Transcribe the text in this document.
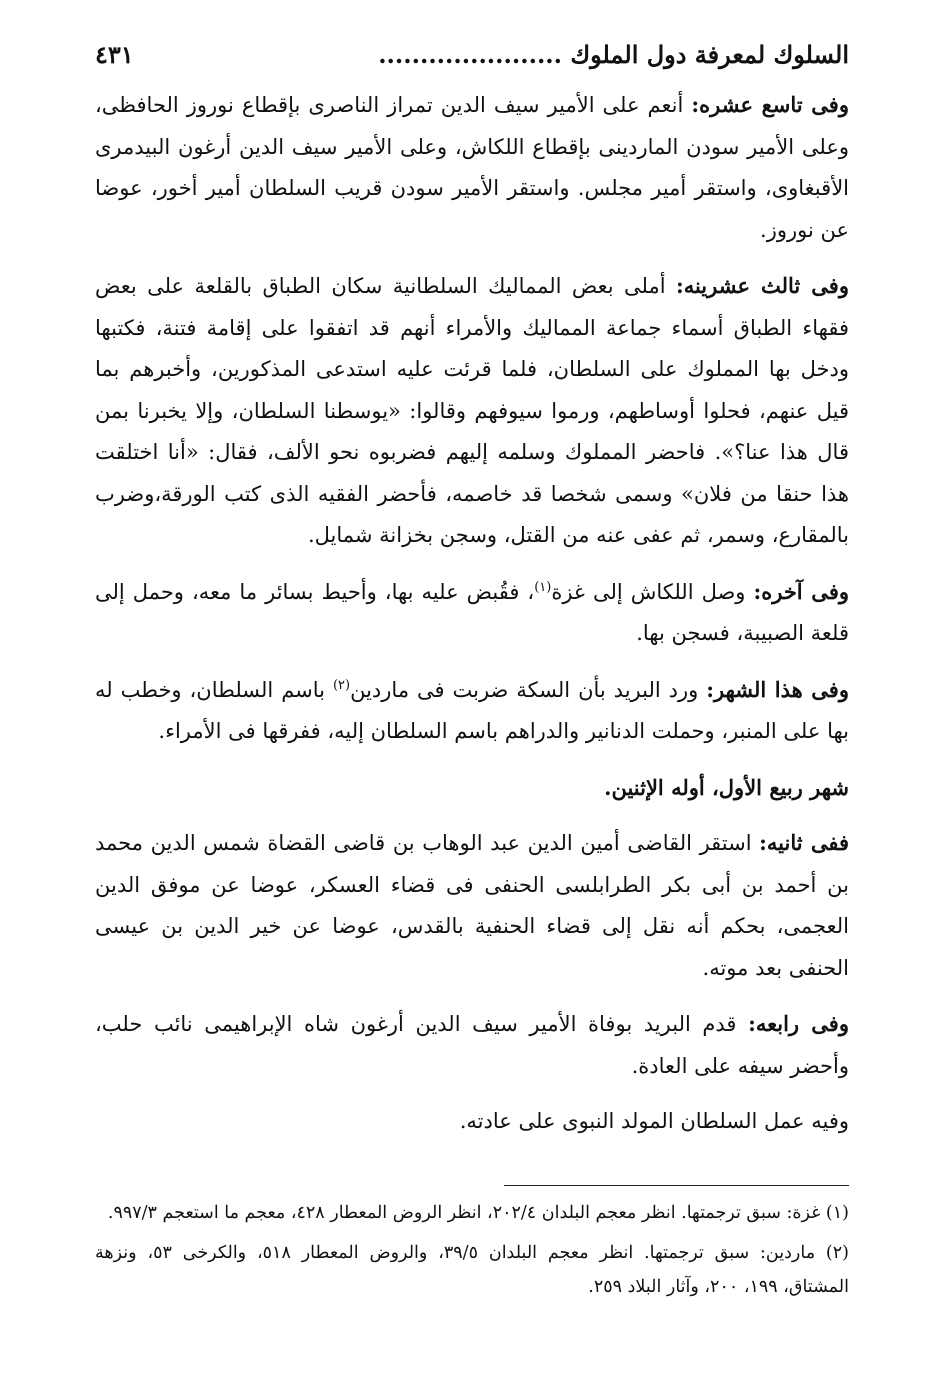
السلوك لمعرفة دول الملوك ......................
٤٣١

وفى تاسع عشره: أنعم على الأمير سيف الدين تمراز الناصرى بإقطاع نوروز الحافظى، وعلى الأمير سودن الماردينى بإقطاع اللكاش، وعلى الأمير سيف الدين أرغون البيدمرى الأقبغاوى، واستقر أمير مجلس. واستقر الأمير سودن قريب السلطان أمير أخور، عوضا عن نوروز.

وفى ثالث عشرينه: أملى بعض المماليك السلطانية سكان الطباق بالقلعة على بعض فقهاء الطباق أسماء جماعة المماليك والأمراء أنهم قد اتفقوا على إقامة فتنة، فكتبها ودخل بها المملوك على السلطان، فلما قرئت عليه استدعى المذكورين، وأخبرهم بما قيل عنهم، فحلوا أوساطهم، ورموا سيوفهم وقالوا: «يوسطنا السلطان، وإلا يخبرنا بمن قال هذا عنا؟». فاحضر المملوك وسلمه إليهم فضربوه نحو الألف، فقال: «أنا اختلقت هذا حنقا من فلان» وسمى شخصا قد خاصمه، فأحضر الفقيه الذى كتب الورقة،وضرب بالمقارع، وسمر، ثم عفى عنه من القتل، وسجن بخزانة شمايل.

وفى آخره: وصل اللكاش إلى غزة$^{(١)}$، فقُبض عليه بها، وأحيط بسائر ما معه، وحمل إلى قلعة الصبيبة، فسجن بها.

وفى هذا الشهر: ورد البريد بأن السكة ضربت فى ماردين$^{(٢)}$ باسم السلطان، وخطب له بها على المنبر، وحملت الدنانير والدراهم باسم السلطان إليه، ففرقها فى الأمراء.

شهر ربيع الأول، أوله الإثنين.

ففى ثانيه: استقر القاضى أمين الدين عبد الوهاب بن قاضى القضاة شمس الدين محمد بن أحمد بن أبى بكر الطرابلسى الحنفى فى قضاء العسكر، عوضا عن موفق الدين العجمى، بحكم أنه نقل إلى قضاء الحنفية بالقدس، عوضا عن خير الدين بن عيسى الحنفى بعد موته.

وفى رابعه: قدم البريد بوفاة الأمير سيف الدين أرغون شاه الإبراهيمى نائب حلب، وأحضر سيفه على العادة.

وفيه عمل السلطان المولد النبوى على عادته.

(١) غزة: سبق ترجمتها. انظر معجم البلدان ٢٠٢/٤، انظر الروض المعطار ٤٢٨، معجم ما استعجم ٩٩٧/٣.

(٢) ماردين: سبق ترجمتها. انظر معجم البلدان ٣٩/٥، والروض المعطار ٥١٨، والكرخى ٥٣، ونزهة المشتاق، ١٩٩، ٢٠٠، وآثار البلاد ٢٥٩.
